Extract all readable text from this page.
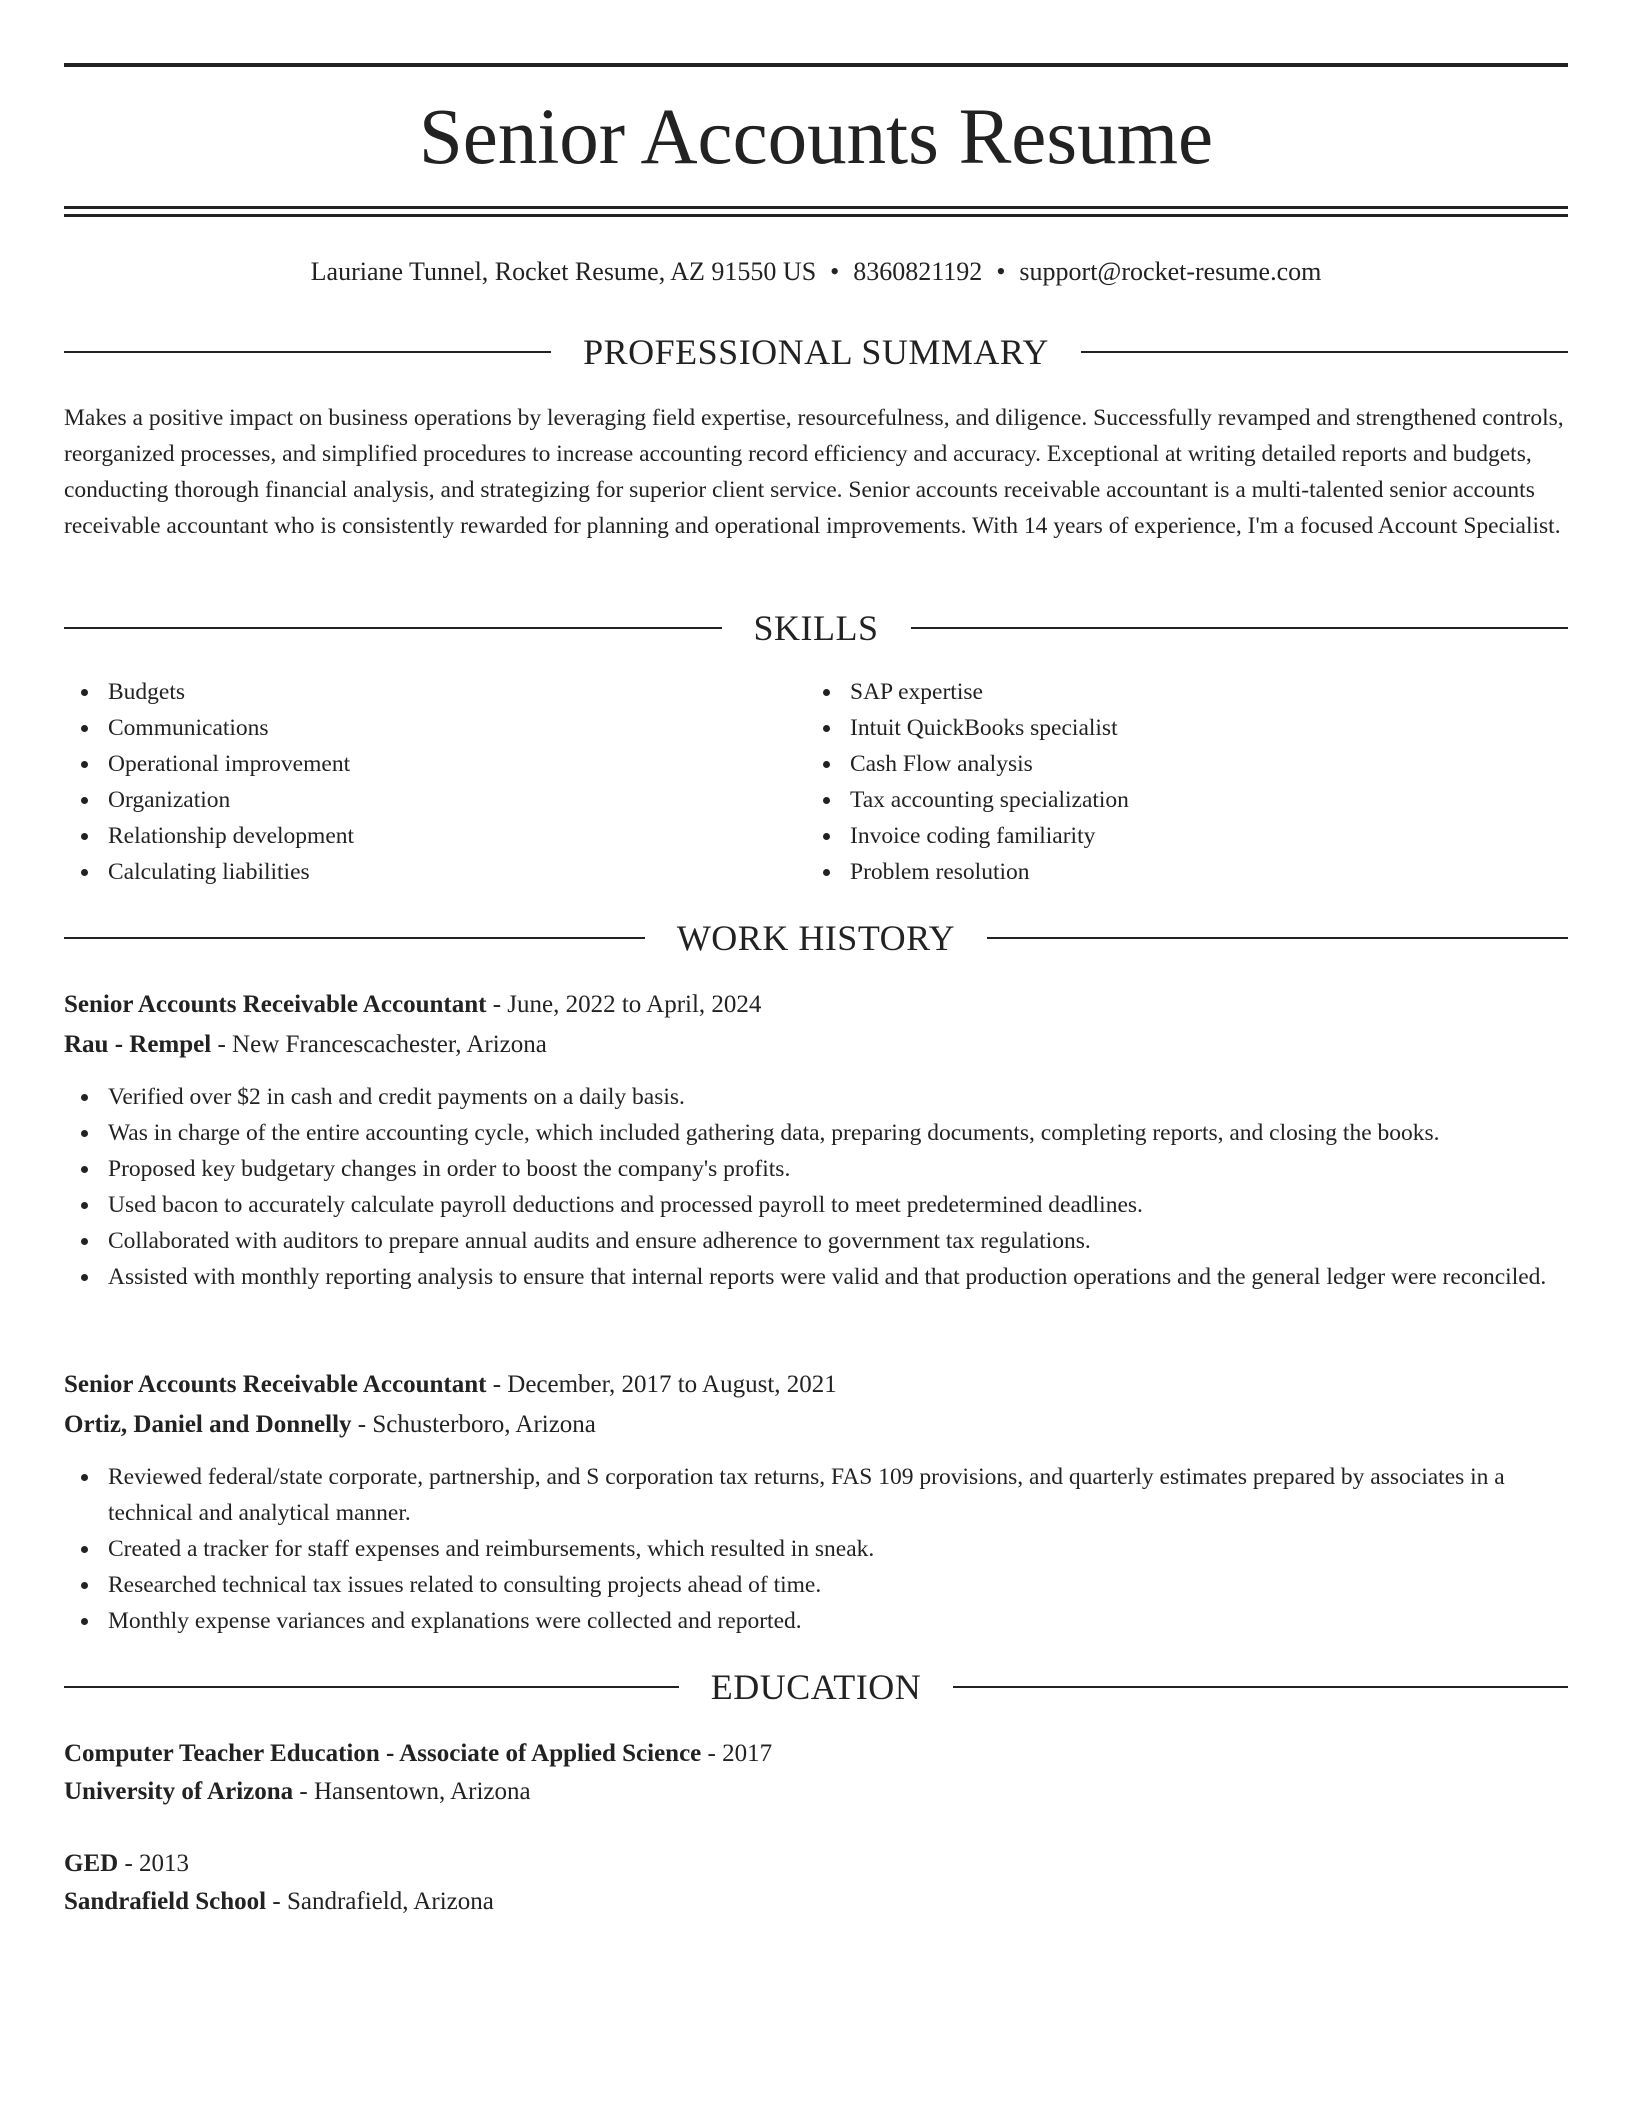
Senior Accounts Resume
Lauriane Tunnel, Rocket Resume, AZ 91550 US • 8360821192 • support@rocket-resume.com
PROFESSIONAL SUMMARY

Makes a positive impact on business operations by leveraging field expertise, resourcefulness, and diligence. Successfully revamped and strengthened controls, reorganized processes, and simplified procedures to increase accounting record efficiency and accuracy. Exceptional at writing detailed reports and budgets, conducting thorough financial analysis, and strategizing for superior client service. Senior accounts receivable accountant is a multi-talented senior accounts receivable accountant who is consistently rewarded for planning and operational improvements. With 14 years of experience, I'm a focused Account Specialist.

SKILLS
Budgets
Communications
Operational improvement
Organization
Relationship development
Calculating liabilities
SAP expertise
Intuit QuickBooks specialist
Cash Flow analysis
Tax accounting specialization
Invoice coding familiarity
Problem resolution
WORK HISTORY
Senior Accounts Receivable Accountant - June, 2022 to April, 2024
Rau - Rempel - New Francescachester, Arizona
Verified over $2 in cash and credit payments on a daily basis.
Was in charge of the entire accounting cycle, which included gathering data, preparing documents, completing reports, and closing the books.
Proposed key budgetary changes in order to boost the company's profits.
Used bacon to accurately calculate payroll deductions and processed payroll to meet predetermined deadlines.
Collaborated with auditors to prepare annual audits and ensure adherence to government tax regulations.
Assisted with monthly reporting analysis to ensure that internal reports were valid and that production operations and the general ledger were reconciled.
Senior Accounts Receivable Accountant - December, 2017 to August, 2021
Ortiz, Daniel and Donnelly - Schusterboro, Arizona
Reviewed federal/state corporate, partnership, and S corporation tax returns, FAS 109 provisions, and quarterly estimates prepared by associates in a technical and analytical manner.
Created a tracker for staff expenses and reimbursements, which resulted in sneak.
Researched technical tax issues related to consulting projects ahead of time.
Monthly expense variances and explanations were collected and reported.
EDUCATION
Computer Teacher Education - Associate of Applied Science - 2017
University of Arizona - Hansentown, Arizona
GED - 2013
Sandrafield School - Sandrafield, Arizona
